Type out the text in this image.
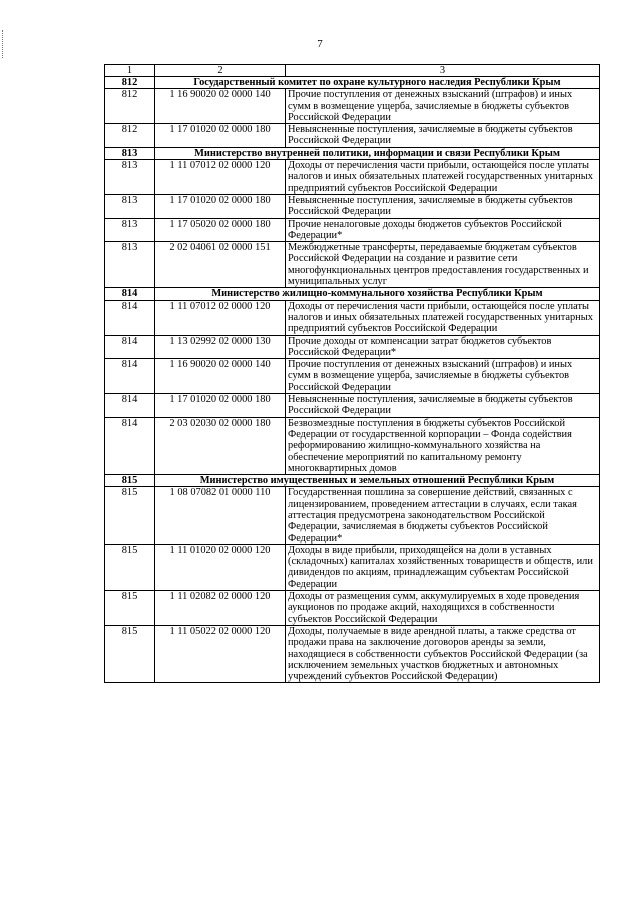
7
1	2	3
812	Государственный комитет по охране культурного наследия Республики Крым	
812	1 16 90020 02 0000 140	Прочие поступления от денежных взысканий (штрафов) и иных сумм в возмещение ущерба, зачисляемые в бюджеты субъектов Российской Федерации
812	1 17 01020 02 0000 180	Невыясненные поступления, зачисляемые в бюджеты субъектов Российской Федерации
813	Министерство внутренней политики, информации и связи Республики Крым	
813	1 11 07012 02 0000 120	Доходы от перечисления части прибыли, остающейся после уплаты налогов и иных обязательных платежей государственных унитарных предприятий субъектов Российской Федерации
813	1 17 01020 02 0000 180	Невыясненные поступления, зачисляемые в бюджеты субъектов Российской Федерации
813	1 17 05020 02 0000 180	Прочие неналоговые доходы бюджетов субъектов Российской Федерации*
813	2 02 04061 02 0000 151	Межбюджетные трансферты, передаваемые бюджетам субъектов Российской Федерации на создание и развитие сети многофункциональных центров предоставления государственных и муниципальных услуг
814	Министерство жилищно-коммунального хозяйства Республики Крым	
814	1 11 07012 02 0000 120	Доходы от перечисления части прибыли, остающейся после уплаты налогов и иных обязательных платежей государственных унитарных предприятий субъектов Российской Федерации
814	1 13 02992 02 0000 130	Прочие доходы от компенсации затрат бюджетов субъектов Российской Федерации*
814	1 16 90020 02 0000 140	Прочие поступления от денежных взысканий (штрафов) и иных сумм в возмещение ущерба, зачисляемые в бюджеты субъектов Российской Федерации
814	1 17 01020 02 0000 180	Невыясненные поступления, зачисляемые в бюджеты субъектов Российской Федерации
814	2 03 02030 02 0000 180	Безвозмездные поступления в бюджеты субъектов Российской Федерации от государственной корпорации – Фонда содействия реформированию жилищно-коммунального хозяйства на обеспечение мероприятий по капитальному ремонту многоквартирных домов
815	Министерство имущественных и земельных отношений Республики Крым	
815	1 08 07082 01 0000 110	Государственная пошлина за совершение действий, связанных с лицензированием, проведением аттестации в случаях, если такая аттестация предусмотрена законодательством Российской Федерации, зачисляемая в бюджеты субъектов Российской Федерации*
815	1 11 01020 02 0000 120	Доходы в виде прибыли, приходящейся на доли в уставных (складочных) капиталах хозяйственных товариществ и обществ, или дивидендов по акциям, принадлежащим субъектам Российской Федерации
815	1 11 02082 02 0000 120	Доходы от размещения сумм, аккумулируемых в ходе проведения аукционов по продаже акций, находящихся в собственности субъектов Российской Федерации
815	1 11 05022 02 0000 120	Доходы, получаемые в виде арендной платы, а также средства от продажи права на заключение договоров аренды за земли, находящиеся в собственности субъектов Российской Федерации (за исключением земельных участков бюджетных и автономных учреждений субъектов Российской Федерации)
